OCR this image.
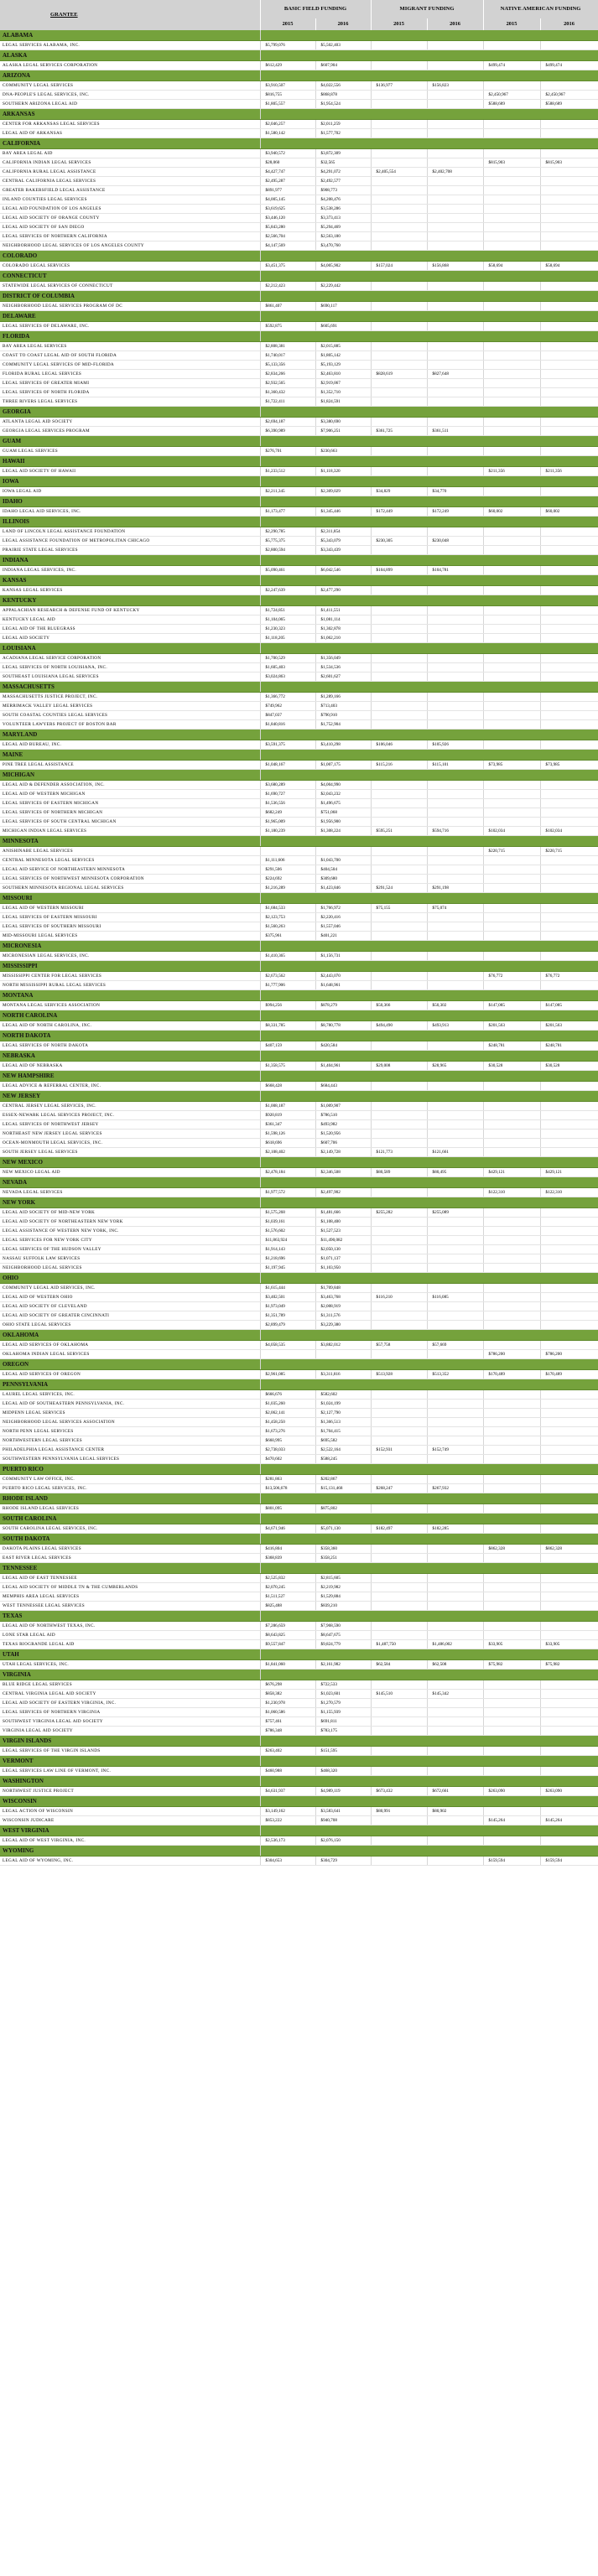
GRANTEE	BASIC FIELD FUNDING		MIGRANT FUNDING		NATIVE AMERICAN FUNDING	
	2015	2016	2015	2016	2015	2016
ALABAMA						
LEGAL SERVICES ALABAMA, INC.	$5,799,076	$5,502,403				
ALASKA						
ALASKA LEGAL SERVICES CORPORATION	$612,429	$607,904			$499,474	$499,474
ARIZONA						
COMMUNITY LEGAL SERVICES	$3,910,507	$4,022,556	$136,977	$156,823		
DNA-PEOPLE'S LEGAL SERVICES, INC.	$816,755	$868,878			$2,450,967	$2,450,967
SOUTHERN ARIZONA LEGAL AID	$1,805,557	$1,954,524			$588,689	$588,689
ARKANSAS						
CENTER FOR ARKANSAS LEGAL SERVICES	$2,046,257	$2,011,259				
LEGAL AID OF ARKANSAS	$1,580,142	$1,577,702				
CALIFORNIA						
BAY AREA LEGAL AID	$3,940,572	$3,872,309				
CALIFORNIA INDIAN LEGAL SERVICES	$28,060	$32,565			$815,903	$815,903
CALIFORNIA RURAL LEGAL ASSISTANCE	$4,427,747	$4,291,072	$2,405,554	$2,402,708		
CENTRAL CALIFORNIA LEGAL SERVICES	$2,495,287	$2,492,577				
GREATER BAKERSFIELD LEGAL ASSISTANCE	$891,977	$908,773				
INLAND COUNTIES LEGAL SERVICES	$4,005,145	$4,208,476				
LEGAL AID FOUNDATION OF LOS ANGELES	$3,619,625	$3,538,286				
LEGAL AID SOCIETY OF ORANGE COUNTY	$3,446,120	$3,373,413				
LEGAL AID SOCIETY OF SAN DIEGO	$5,843,280	$5,294,469				
LEGAL SERVICES OF NORTHERN CALIFORNIA	$2,566,704	$2,563,180				
NEIGHBORHOOD LEGAL SERVICES OF LOS ANGELES COUNTY	$4,147,569	$3,470,760				
COLORADO						
COLORADO LEGAL SERVICES	$3,451,375	$4,005,902	$157,024	$156,868	$58,694	$58,694
CONNECTICUT						
STATEWIDE LEGAL SERVICES OF CONNECTICUT	$2,212,423	$2,229,442				
DISTRICT OF COLUMBIA						
NEIGHBORHOOD LEGAL SERVICES PROGRAM OF DC	$861,407	$690,117				
DELAWARE						
LEGAL SERVICES OF DELAWARE, INC.	$592,875	$605,691				
FLORIDA						
BAY AREA LEGAL SERVICES	$2,808,381	$2,015,885				
COAST TO COAST LEGAL AID OF SOUTH FLORIDA	$1,740,017	$1,805,142				
COMMUNITY LEGAL SERVICES OF MID-FLORIDA	$5,133,356	$5,193,129				
FLORIDA RURAL LEGAL SERVICES	$2,834,266	$2,463,810	$828,619	$827,648		
LEGAL SERVICES OF GREATER MIAMI	$2,932,565	$2,919,067				
LEGAL SERVICES OF NORTH FLORIDA	$1,360,432	$1,352,710				
THREE RIVERS LEGAL SERVICES	$1,722,411	$1,824,591				
GEORGIA						
ATLANTA LEGAL AID SOCIETY	$2,694,187	$3,380,690				
GEORGIA LEGAL SERVICES PROGRAM	$6,390,989	$7,906,251	$361,725	$361,511		
GUAM						
GUAM LEGAL SERVICES	$276,701	$230,663				
HAWAII						
LEGAL AID SOCIETY OF HAWAII	$1,233,512	$1,118,320			$211,356	$211,356
IOWA						
IOWA LEGAL AID	$2,211,345	$2,309,029	$34,829	$34,770		
IDAHO						
IDAHO LEGAL AID SERVICES, INC.	$1,173,477	$1,345,446	$172,449	$172,249	$60,002	$60,002
ILLINOIS						
LAND OF LINCOLN LEGAL ASSISTANCE FOUNDATION	$2,290,785	$2,311,854				
LEGAL ASSISTANCE FOUNDATION OF METROPOLITAN CHICAGO	$5,775,375	$5,343,079	$230,305	$230,048		
PRAIRIE STATE LEGAL SERVICES	$2,800,594	$3,343,439				
INDIANA						
INDIANA LEGAL SERVICES, INC.	$5,090,461	$6,042,546	$104,899	$104,781		
KANSAS						
KANSAS LEGAL SERVICES	$2,247,639	$2,477,290				
KENTUCKY						
APPALACHIAN RESEARCH & DEFENSE FUND OF KENTUCKY	$1,724,851	$1,411,551				
KENTUCKY LEGAL AID	$1,104,065	$1,081,114				
LEGAL AID OF THE BLUEGRASS	$1,230,323	$1,302,878				
LEGAL AID SOCIETY	$1,118,205	$1,062,210				
LOUISIANA						
ACADIANA LEGAL SERVICE CORPORATION	$1,700,529	$1,356,049				
LEGAL SERVICES OF NORTH LOUISIANA, INC.	$1,605,403	$1,534,536				
SOUTHEAST LOUISIANA LEGAL SERVICES	$3,024,863	$2,601,627				
MASSACHUSETTS						
MASSACHUSETTS JUSTICE PROJECT, INC.	$1,366,772	$1,289,166				
MERRIMACK VALLEY LEGAL SERVICES	$749,962	$713,403				
SOUTH COASTAL COUNTIES LEGAL SERVICES	$847,037	$790,910				
VOLUNTEER LAWYERS PROJECT OF BOSTON BAR	$1,840,816	$1,752,904				
MARYLAND						
LEGAL AID BUREAU, INC.	$3,591,375	$3,410,298	$106,046	$105,926		
MAINE						
PINE TREE LEGAL ASSISTANCE	$1,048,167	$1,007,175	$115,216	$115,101	$73,985	$73,985
MICHIGAN						
LEGAL AID & DEFENDER ASSOCIATION, INC.	$3,680,289	$4,004,990				
LEGAL AID OF WESTERN MICHIGAN	$1,690,727	$2,043,232				
LEGAL SERVICES OF EASTERN MICHIGAN	$1,536,556	$1,496,675				
LEGAL SERVICES OF NORTHERN MICHIGAN	$682,249	$751,068				
LEGAL SERVICES OF SOUTH CENTRAL MICHIGAN	$1,965,009	$1,956,900				
MICHIGAN INDIAN LEGAL SERVICES	$1,180,239	$1,308,224	$595,251	$594,716	$102,034	$102,034
MINNESOTA						
ANISHINABE LEGAL SERVICES					$220,715	$220,715
CENTRAL MINNESOTA LEGAL SERVICES	$1,111,606	$1,043,700				
LEGAL AID SERVICE OF NORTHEASTERN MINNESOTA	$291,506	$404,504				
LEGAL SERVICES OF NORTHWEST MINNESOTA CORPORATION	$224,692	$309,680				
SOUTHERN MINNESOTA REGIONAL LEGAL SERVICES	$1,216,289	$1,423,846	$291,524	$291,198		
MISSOURI						
LEGAL AID OF WESTERN MISSOURI	$1,684,533	$1,766,972	$75,155	$75,074		
LEGAL SERVICES OF EASTERN MISSOURI	$2,123,753	$2,220,416				
LEGAL SERVICES OF SOUTHERN MISSOURI	$1,560,263	$1,557,046				
MID-MISSOURI LEGAL SERVICES	$375,961	$401,221				
MICRONESIA						
MICRONESIAN LEGAL SERVICES, INC.	$1,410,365	$1,156,731				
MISSISSIPPI						
MISSISSIPPI CENTER FOR LEGAL SERVICES	$2,673,562	$2,443,070			$76,772	$76,772
NORTH MISSISSIPPI RURAL LEGAL SERVICES	$1,777,906	$1,648,961				
MONTANA						
MONTANA LEGAL SERVICES ASSOCIATION	$994,256	$878,279	$50,366	$50,302	$147,085	$147,085
NORTH CAROLINA						
LEGAL AID OF NORTH CAROLINA, INC.	$8,331,785	$8,780,778	$494,490	$493,913	$201,563	$201,563
NORTH DAKOTA						
LEGAL SERVICES OF NORTH DAKOTA	$407,159	$420,584			$248,781	$248,781
NEBRASKA						
LEGAL AID OF NEBRASKA	$1,358,575	$1,404,961	$29,008	$28,965	$30,528	$30,528
NEW HAMPSHIRE						
LEGAL ADVICE & REFERRAL CENTER, INC.	$668,428	$684,443				
NEW JERSEY						
CENTRAL JERSEY LEGAL SERVICES, INC.	$1,008,187	$1,009,907				
ESSEX-NEWARK LEGAL SERVICES PROJECT, INC.	$920,819	$786,510				
LEGAL SERVICES OF NORTHWEST JERSEY	$361,347	$493,982				
NORTHEAST NEW JERSEY LEGAL SERVICES	$1,598,126	$1,520,956				
OCEAN-MONMOUTH LEGAL SERVICES, INC.	$618,696	$607,706				
SOUTH JERSEY LEGAL SERVICES	$2,108,402	$2,149,728	$121,773	$121,661		
NEW MEXICO						
NEW MEXICO LEGAL AID	$2,478,184	$2,346,508	$80,589	$80,495	$429,121	$429,121
NEVADA						
NEVADA LEGAL SERVICES	$1,977,572	$2,497,902			$122,310	$122,310
NEW YORK						
LEGAL AID SOCIETY OF MID-NEW YORK	$1,575,268	$1,481,666	$255,282	$255,089		
LEGAL AID SOCIETY OF NORTHEASTERN NEW YORK	$1,039,161	$1,108,400				
LEGAL ASSISTANCE OF WESTERN NEW YORK, INC.	$1,576,602	$1,527,523				
LEGAL SERVICES FOR NEW YORK CITY	$11,863,924	$11,490,082				
LEGAL SERVICES OF THE HUDSON VALLEY	$1,914,143	$2,050,130				
NASSAU SUFFOLK LAW SERVICES	$1,218,696	$1,071,137				
NEIGHBORHOOD LEGAL SERVICES	$1,197,945	$1,103,950				
OHIO						
COMMUNITY LEGAL AID SERVICES, INC.	$1,615,444	$1,709,848				
LEGAL AID OF WESTERN OHIO	$3,402,501	$3,463,768	$116,210	$116,085		
LEGAL AID SOCIETY OF CLEVELAND	$1,973,049	$2,008,919				
LEGAL AID SOCIETY OF GREATER CINCINNATI	$1,351,789	$1,311,576				
OHIO STATE LEGAL SERVICES	$2,899,479	$3,229,380				
OKLAHOMA						
LEGAL AID SERVICES OF OKLAHOMA	$4,058,535	$3,882,012	$57,758	$57,669		
OKLAHOMA INDIAN LEGAL SERVICES					$786,200	$786,200
OREGON						
LEGAL AID SERVICES OF OREGON	$2,961,085	$3,311,816	$513,928	$513,352	$170,489	$170,489
PENNSYLVANIA						
LAUREL LEGAL SERVICES, INC.	$666,676	$582,602				
LEGAL AID OF SOUTHEASTERN PENNSYLVANIA, INC.	$1,035,260	$1,024,199				
MIDPENN LEGAL SERVICES	$2,062,141	$2,127,790				
NEIGHBORHOOD LEGAL SERVICES ASSOCIATION	$1,458,250	$1,366,513				
NORTH PENN LEGAL SERVICES	$1,673,276	$1,704,415				
NORTHWESTERN LEGAL SERVICES	$660,995	$695,582				
PHILADELPHIA LEGAL ASSISTANCE CENTER	$2,738,033	$2,522,164	$152,931	$152,749		
SOUTHWESTERN PENNSYLVANIA LEGAL SERVICES	$470,602	$588,245				
PUERTO RICO						
COMMUNITY LAW OFFICE, INC.	$281,863	$202,867				
PUERTO RICO LEGAL SERVICES, INC.	$13,506,678	$15,131,468	$268,247	$267,932		
RHODE ISLAND						
RHODE ISLAND LEGAL SERVICES	$801,095	$875,802				
SOUTH CAROLINA						
SOUTH CAROLINA LEGAL SERVICES, INC.	$4,671,946	$5,071,130	$182,497	$182,285		
SOUTH DAKOTA						
DAKOTA PLAINS LEGAL SERVICES	$416,804	$358,360			$862,328	$862,328
EAST RIVER LEGAL SERVICES	$368,839	$358,251				
TENNESSEE						
LEGAL AID OF EAST TENNESSEE	$2,525,832	$2,815,605				
LEGAL AID SOCIETY OF MIDDLE TN & THE CUMBERLANDS	$2,070,245	$2,219,982				
MEMPHIS AREA LEGAL SERVICES	$1,511,527	$1,529,884				
WEST TENNESSEE LEGAL SERVICES	$825,488	$839,210				
TEXAS						
LEGAL AID OF NORTHWEST TEXAS, INC.	$7,286,659	$7,968,590				
LONE STAR LEGAL AID	$8,643,825	$8,647,675				
TEXAS RIOGRANDE LEGAL AID	$9,557,847	$9,824,779	$1,487,750	$1,486,002	$33,905	$33,905
UTAH						
UTAH LEGAL SERVICES, INC.	$1,841,060	$2,161,982	$62,584	$62,508	$75,982	$75,982
VIRGINIA						
BLUE RIDGE LEGAL SERVICES	$676,298	$722,533				
CENTRAL VIRGINIA LEGAL AID SOCIETY	$858,382	$1,023,601	$145,510	$145,342		
LEGAL AID SOCIETY OF EASTERN VIRGINIA, INC.	$1,230,978	$1,270,579				
LEGAL SERVICES OF NORTHERN VIRGINIA	$1,060,586	$1,155,939				
SOUTHWEST VIRGINIA LEGAL AID SOCIETY	$757,461	$691,811				
VIRGINIA LEGAL AID SOCIETY	$786,348	$783,175				
VIRGIN ISLANDS						
LEGAL SERVICES OF THE VIRGIN ISLANDS	$263,402	$151,595				
VERMONT						
LEGAL SERVICES LAW LINE OF VERMONT, INC.	$460,988	$468,320				
WASHINGTON						
NORTHWEST JUSTICE PROJECT	$4,631,937	$4,989,119	$673,432	$672,661	$263,090	$263,090
WISCONSIN						
LEGAL ACTION OF WISCONSIN	$3,149,162	$3,583,641	$80,991	$80,902		
WISCONSIN JUDICARE	$853,222	$940,708			$145,264	$145,264
WEST VIRGINIA						
LEGAL AID OF WEST VIRGINIA, INC.	$2,536,173	$2,076,150				
WYOMING						
LEGAL AID OF WYOMING, INC.	$304,653	$304,729			$159,594	$159,594
